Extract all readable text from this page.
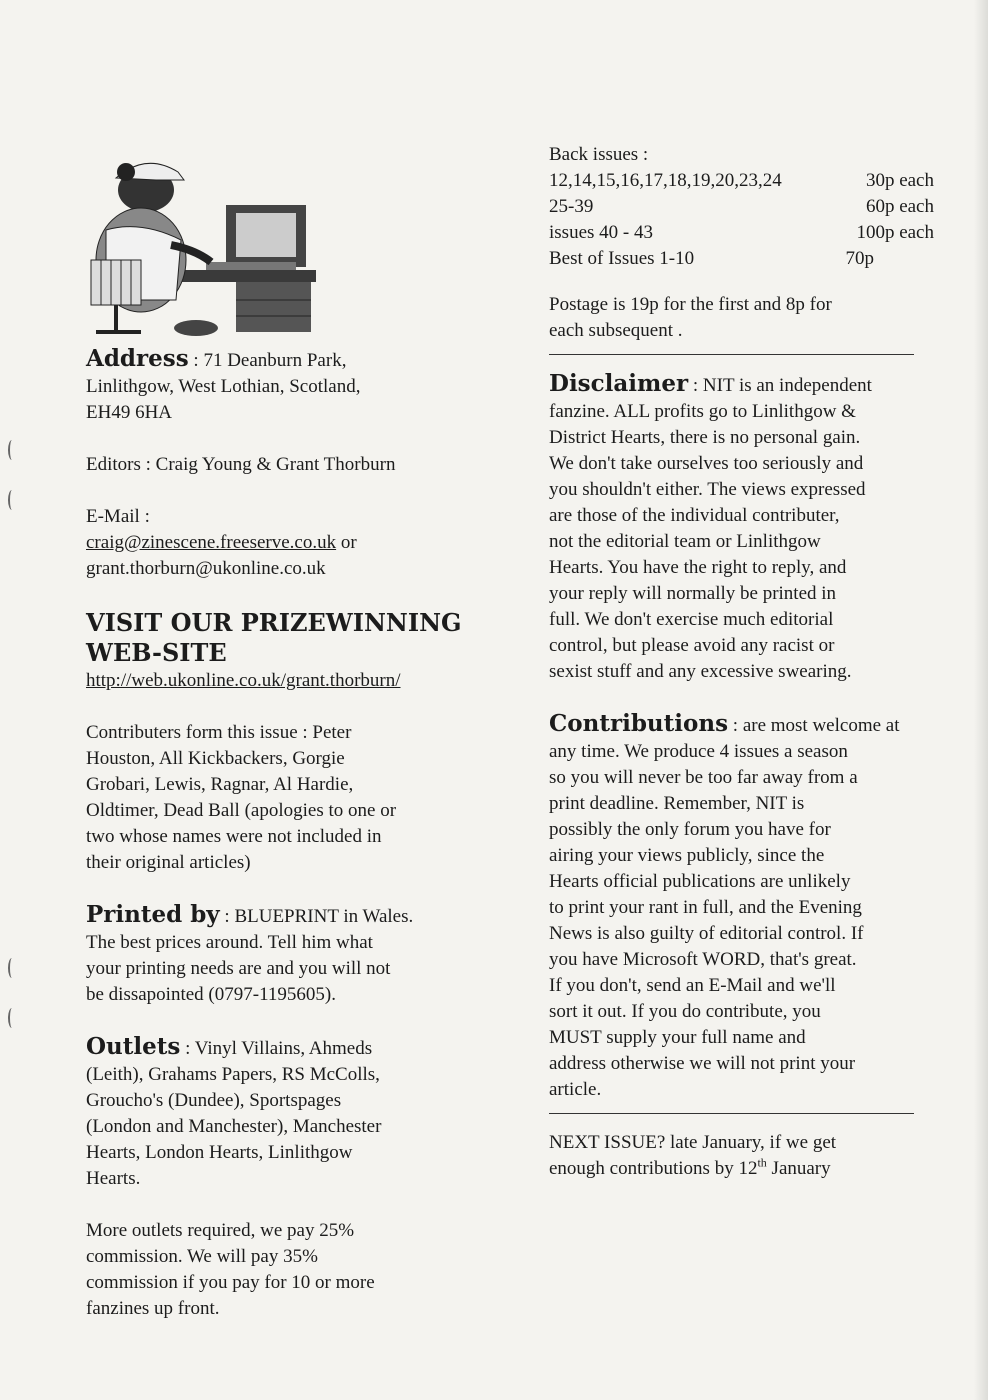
Address : 71 Deanburn Park,

Linlithgow, West Lothian, Scotland,

EH49 6HA

Editors : Craig Young & Grant Thorburn

E-Mail :

craig@zinescene.freeserve.co.uk or

grant.thorburn@ukonline.co.uk

VISIT OUR PRIZEWINNING

WEB-SITE

http://web.ukonline.co.uk/grant.thorburn/

Contributers form this issue : Peter

Houston, All Kickbackers, Gorgie

Grobari, Lewis, Ragnar, Al Hardie,

Oldtimer, Dead Ball (apologies to one or

two whose names were not included in

their original articles)

Printed by : BLUEPRINT in Wales.

The best prices around. Tell him what

your printing needs are and you will not

be dissapointed (0797-1195605).

Outlets : Vinyl Villains, Ahmeds

(Leith), Grahams Papers, RS McColls,

Groucho's (Dundee), Sportspages

(London and Manchester), Manchester

Hearts, London Hearts, Linlithgow

Hearts.

More outlets required, we pay 25%

commission. We will pay 35%

commission if you pay for 10 or more

fanzines up front.

Back issues :

12,14,15,16,17,18,19,20,23,24	30p each
25-39	60p each
issues 40 - 43	100p each
Best of Issues 1-10	70p

Postage is 19p for the first and 8p for

each subsequent .

Disclaimer : NIT is an independent

fanzine. ALL profits go to Linlithgow &

District Hearts, there is no personal gain.

We don't take ourselves too seriously and

you shouldn't either. The views expressed

are those of the individual contributer,

not the editorial team or Linlithgow

Hearts. You have the right to reply, and

your reply will normally be printed in

full. We don't exercise much editorial

control, but please avoid any racist or

sexist stuff and any excessive swearing.

Contributions : are most welcome at

any time. We produce 4 issues a season

so you will never be too far away from a

print deadline. Remember, NIT is

possibly the only forum you have for

airing your views publicly, since the

Hearts official publications are unlikely

to print your rant in full, and the Evening

News is also guilty of editorial control. If

you have Microsoft WORD, that's great.

If you don't, send an E-Mail and we'll

sort it out. If you do contribute, you

MUST supply your full name and

address otherwise we will not print your

article.

NEXT ISSUE? late January, if we get

enough contributions by 12th January
